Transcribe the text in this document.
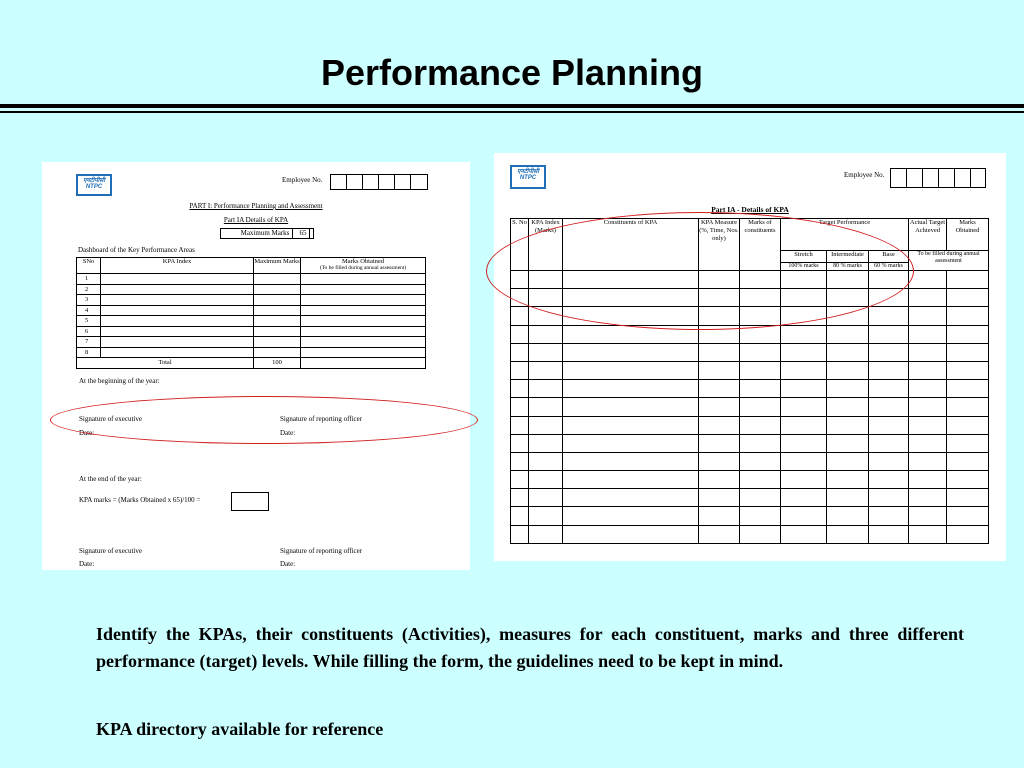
Performance Planning
एनटीपीसी
NTPC
Employee No.
PART I: Performance Planning and Assessment
Part IA Details of KPA
Maximum Marks	65
Dashboard of the Key Performance Areas
SNo	KPA Index	Maximum Marks	Marks Obtained
(To be filled during annual assessment)

1			
2			
3			
4			
5			
6			
7			
8			
Total		100	
At the beginning of the year:
Signature of executive	Signature of reporting officer
Date:	Date:
At the end of the year:
KPA marks = (Marks Obtained x 65)/100 =
Signature of executive	Signature of reporting officer
Date:	Date:
एनटीपीसी
NTPC	Employee No.
Part IA - Details of KPA
S. No	KPA Index (Marks)	Constituents of KPA	KPA Measure (%, Time, Nos. only)	Marks of constituents	Target Performance			Actual Target Achieved	Marks Obtained
					Stretch	Intermediate	Base	To be filled during annual assessment	
					100% marks	80 % marks	60 % marks		

Identify the KPAs, their constituents (Activities), measures for each constituent, marks and three different performance (target) levels. While filling the form, the guidelines need to be kept in mind.
KPA directory available for reference
